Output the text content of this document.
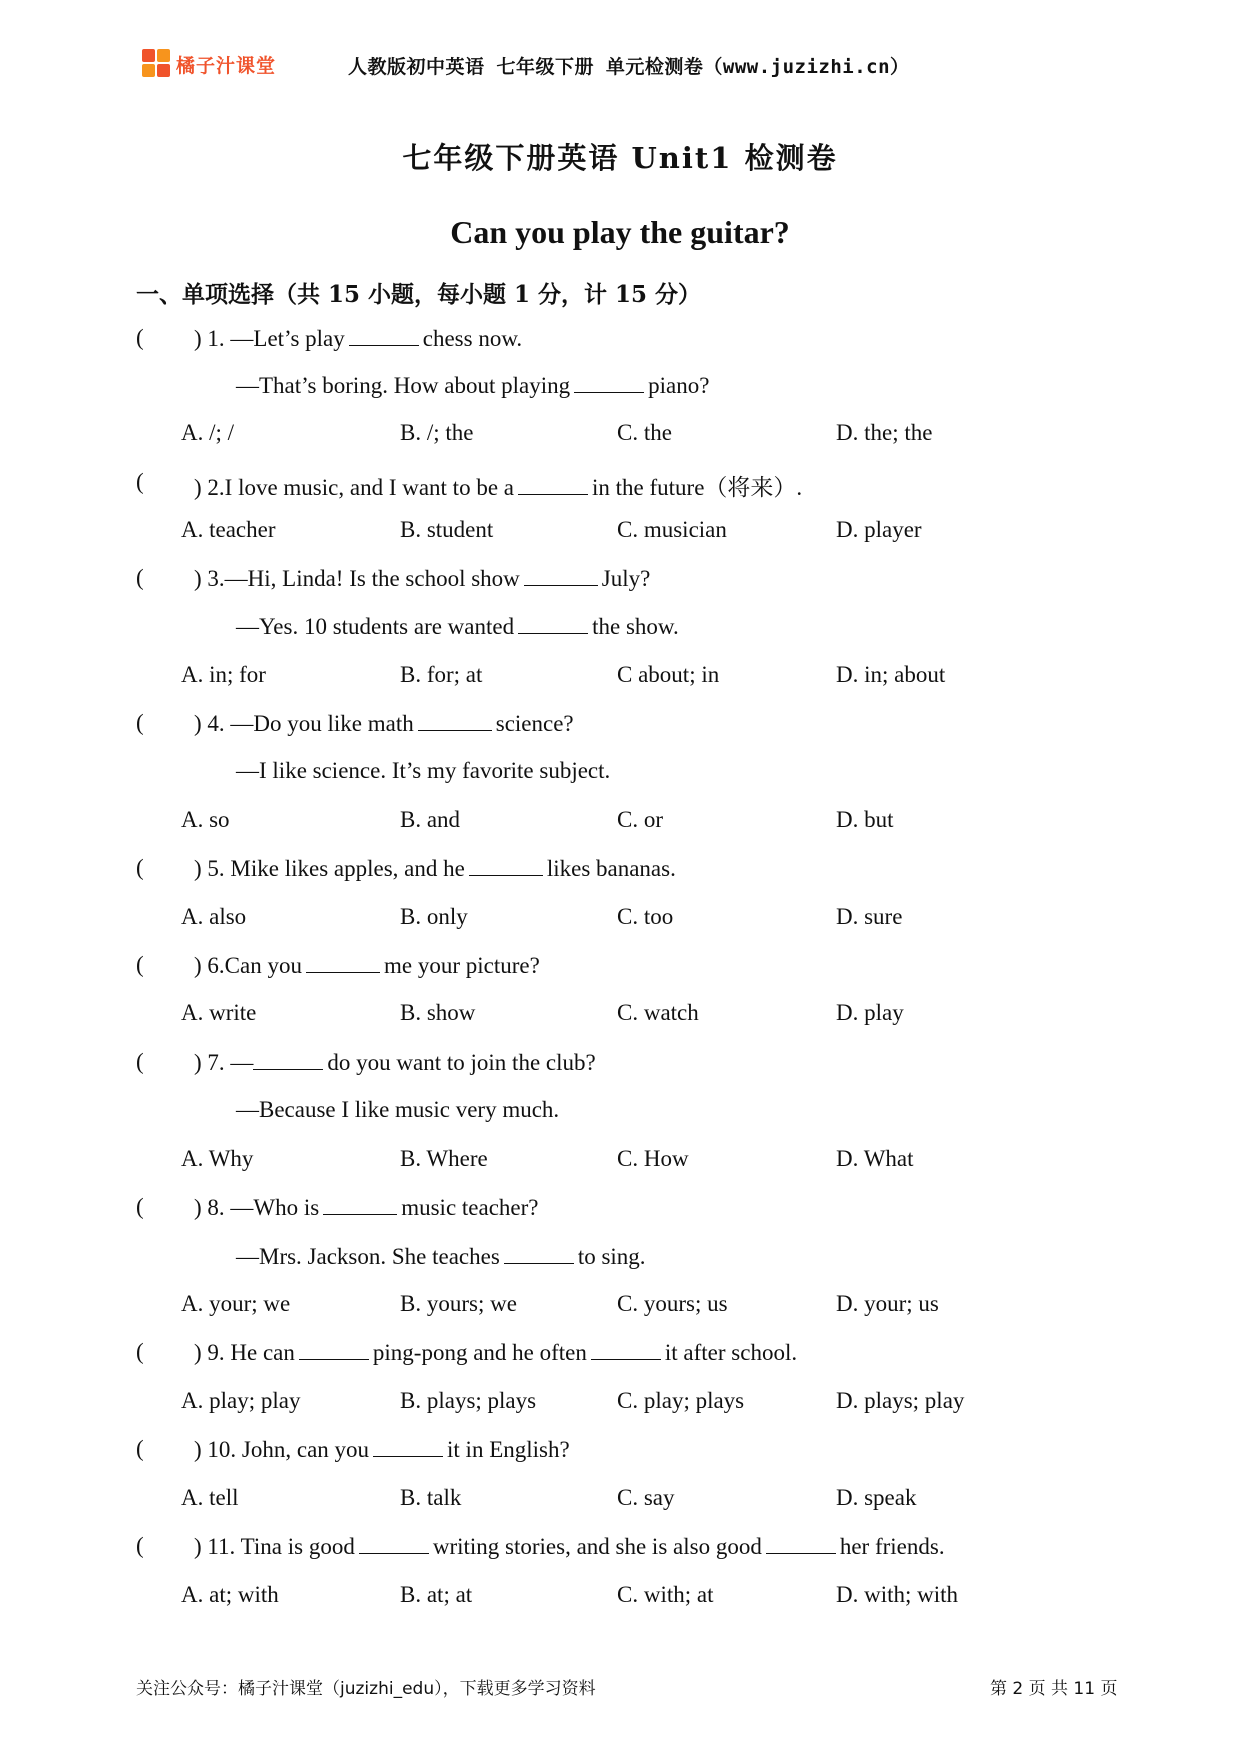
橘子汁课堂	人教版初中英语 七年级下册 单元检测卷（www.juzizhi.cn）
七年级下册英语 Unit1 检测卷
Can you play the guitar?
一、单项选择（共 15 小题，每小题 1 分，计 15 分）
( ) 1. —Let’s play	chess now.
—That’s boring. How about playing	piano?
A. /; /	B. /; the	C. the	D. the; the
( ) 2.I love music, and I want to be a	in the future（将来）.
A. teacher	B. student	C. musician	D. player
( ) 3.—Hi, Linda! Is the school show	July?
—Yes. 10 students are wanted	the show.
A. in; for	B. for; at	C about; in	D. in; about
( ) 4. —Do you like math	science?
—I like science. It’s my favorite subject.
A. so	B. and	C. or	D. but
( ) 5. Mike likes apples, and he	likes bananas.
A. also	B. only	C. too	D. sure
( ) 6.Can you	me your picture?
A. write	B. show	C. watch	D. play
( ) 7. —	do you want to join the club?
—Because I like music very much.
A. Why	B. Where	C. How	D. What
( ) 8. —Who is	music teacher?
—Mrs. Jackson. She teaches	to sing.
A. your; we	B. yours; we	C. yours; us	D. your; us
( ) 9. He can	ping-pong and he often	it after school.
A. play; play	B. plays; plays	C. play; plays	D. plays; play
( ) 10. John, can you	it in English?
A. tell	B. talk	C. say	D. speak
( ) 11. Tina is good	writing stories, and she is also good	her friends.
A. at; with	B. at; at	C. with; at	D. with; with
关注公众号：橘子汁课堂（juzizhi_edu），下载更多学习资料	第 2 页 共 11 页
